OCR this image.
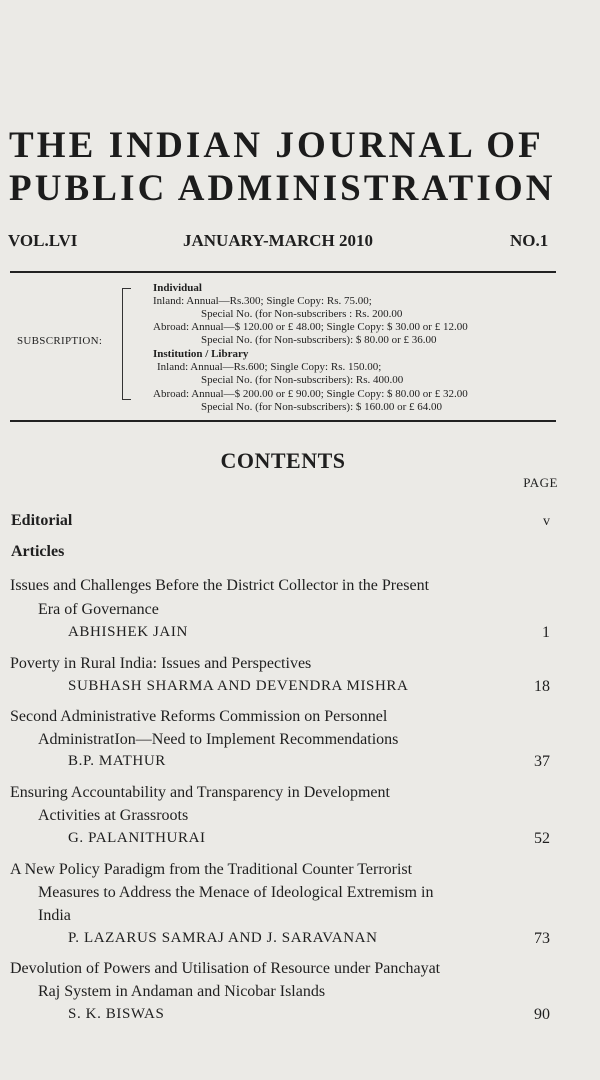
THE INDIAN JOURNAL OF
PUBLIC ADMINISTRATION
VOL.LVI	JANUARY-MARCH 2010	NO.1
SUBSCRIPTION:
Individual
Inland: Annual—Rs.300; Single Copy: Rs. 75.00;
Special No. (for Non-subscribers : Rs. 200.00
Abroad: Annual—$ 120.00 or £ 48.00; Single Copy: $ 30.00 or £ 12.00
Special No. (for Non-subscribers): $ 80.00 or £ 36.00
Institution / Library
Inland: Annual—Rs.600; Single Copy: Rs. 150.00;
Special No. (for Non-subscribers): Rs. 400.00
Abroad: Annual—$ 200.00 or £ 90.00; Single Copy: $ 80.00 or £ 32.00
Special No. (for Non-subscribers): $ 160.00 or £ 64.00
CONTENTS
PAGE
Editorial	v
Articles
Issues and Challenges Before the District Collector in the Present
Era of Governance
ABHISHEK JAIN	1
Poverty in Rural India: Issues and Perspectives
SUBHASH SHARMA AND DEVENDRA MISHRA	18
Second Administrative Reforms Commission on Personnel
AdministratIon—Need to Implement Recommendations
B.P. MATHUR	37
Ensuring Accountability and Transparency in Development
Activities at Grassroots
G. PALANITHURAI	52
A New Policy Paradigm from the Traditional Counter Terrorist
Measures to Address the Menace of Ideological Extremism in
India
P. LAZARUS SAMRAJ AND J. SARAVANAN	73
Devolution of Powers and Utilisation of Resource under Panchayat
Raj System in Andaman and Nicobar Islands
S. K. BISWAS	90
